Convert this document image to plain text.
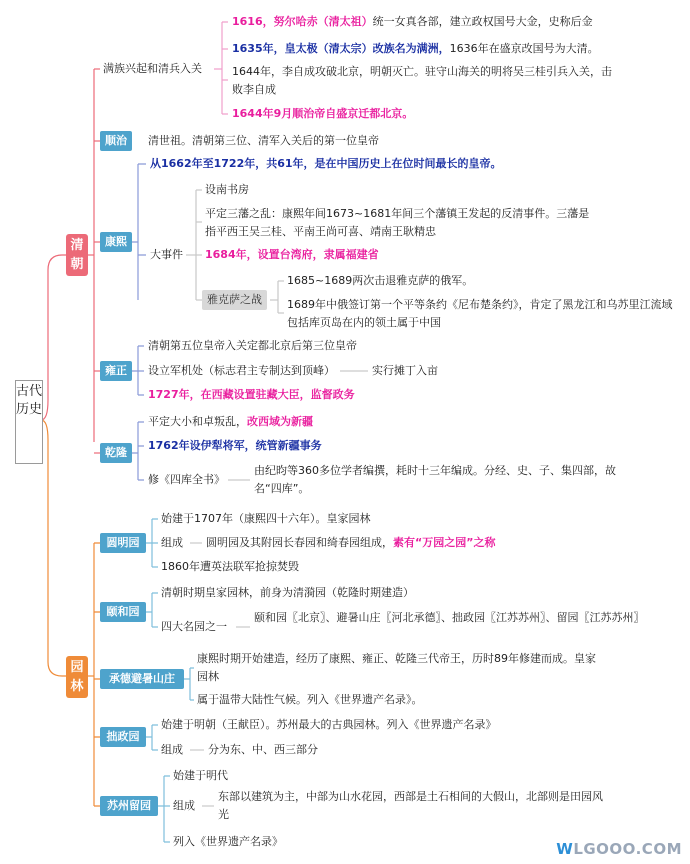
古代历史
清朝
园林
满族兴起和清兵入关
1616，努尔哈赤（清太祖）统一女真各部，建立政权国号大金，史称后金
1635年，皇太极（清太宗）改族名为满洲，1636年在盛京改国号为大清。
1644年，李自成攻破北京，明朝灭亡。驻守山海关的明将吴三桂引兵入关，击败李自成
1644年9月顺治帝自盛京迁都北京。
顺治	清世祖。清朝第三位、清军入关后的第一位皇帝
康熙
从1662年至1722年，共61年，是在中国历史上在位时间最长的皇帝。
大事件
设南书房
平定三藩之乱：康熙年间1673~1681年间三个藩镇王发起的反清事件。三藩是指平西王吴三桂、平南王尚可喜、靖南王耿精忠
1684年，设置台湾府，隶属福建省
雅克萨之战
1685~1689两次击退雅克萨的俄军。
1689年中俄签订第一个平等条约《尼布楚条约》，肯定了黑龙江和乌苏里江流域包括库页岛在内的领土属于中国
雍正
清朝第五位皇帝入关定都北京后第三位皇帝
设立军机处（标志君主专制达到顶峰）	实行摊丁入亩
1727年，在西藏设置驻藏大臣，监督政务
乾隆
平定大小和卓叛乱，改西域为新疆
1762年设伊犁将军，统管新疆事务
修《四库全书》
由纪昀等360多位学者编撰，耗时十三年编成。分经、史、子、集四部，故名“四库”。
圆明园
始建于1707年（康熙四十六年）。皇家园林
组成 圆明园及其附园长春园和绮春园组成，素有“万园之园”之称
1860年遭英法联军抢掠焚毁
颐和园
清朝时期皇家园林，前身为清漪园（乾隆时期建造）
四大名园之一
颐和园〖北京〗、避暑山庄〖河北承德〗、拙政园〖江苏苏州〗、留园〖江苏苏州〗
承德避暑山庄
康熙时期开始建造，经历了康熙、雍正、乾隆三代帝王，历时89年修建而成。皇家园林
属于温带大陆性气候。列入《世界遗产名录》。
拙政园
始建于明朝（王献臣）。苏州最大的古典园林。列入《世界遗产名录》
组成 分为东、中、西三部分
苏州留园
始建于明代
组成
东部以建筑为主，中部为山水花园，西部是土石相间的大假山，北部则是田园风光
列入《世界遗产名录》	WLGOOO.COM
